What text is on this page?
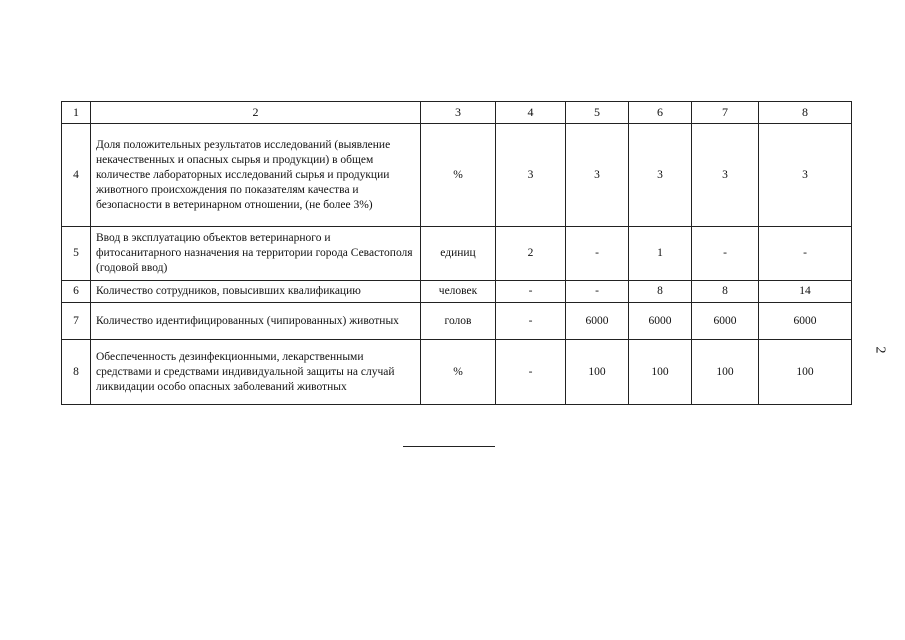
1	2	3	4	5	6	7	8
4	Доля положительных результатов исследований (выявление некачественных и опасных сырья и продукции) в общем количестве лабораторных исследований сырья и продукции животного происхождения по показателям качества и безопасности в ветеринарном отношении, (не более 3%)	%	3	3	3	3	3
5	Ввод в эксплуатацию объектов ветеринарного и фитосанитарного назначения на территории города Севастополя (годовой ввод)	единиц	2	-	1	-	-
6	Количество сотрудников, повысивших квалификацию	человек	-	-	8	8	14
7	Количество идентифицированных (чипированных) животных	голов	-	6000	6000	6000	6000
8	Обеспеченность дезинфекционными, лекарственными средствами и средствами индивидуальной защиты на случай ликвидации особо опасных заболеваний животных	%	-	100	100	100	100
2
